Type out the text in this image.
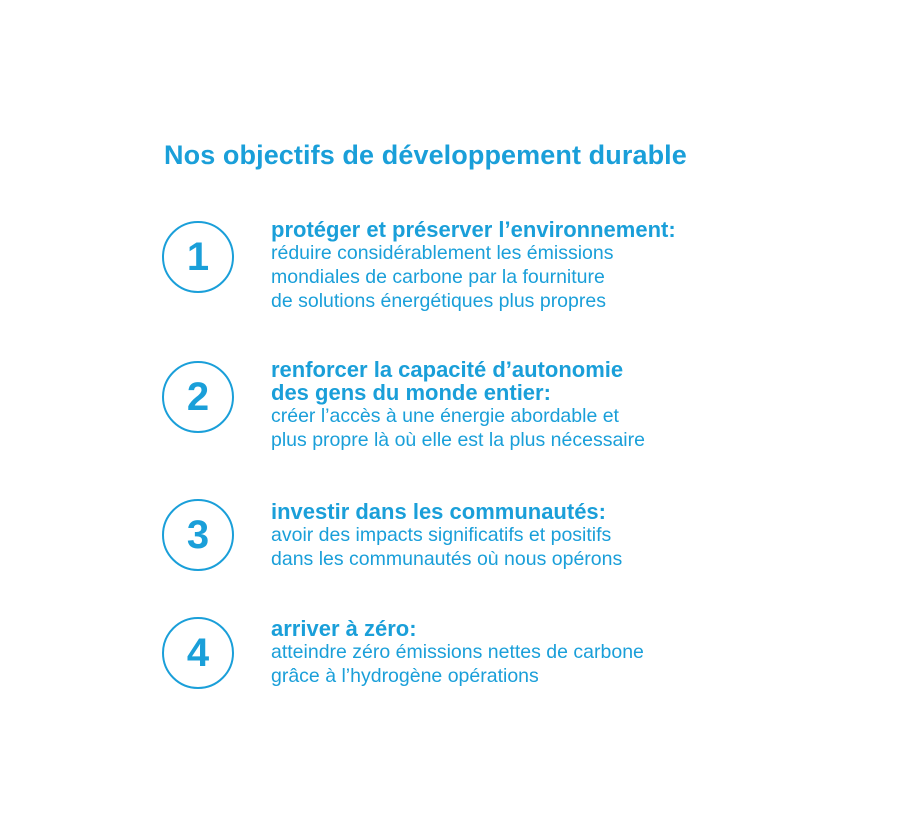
Nos objectifs de développement durable
1
protéger et préserver l’environnement:
réduire considérablement les émissions
mondiales de carbone par la fourniture
de solutions énergétiques plus propres
2
renforcer la capacité d’autonomie
des gens du monde entier:
créer l’accès à une énergie abordable et
plus propre là où elle est la plus nécessaire
3
investir dans les communautés:
avoir des impacts significatifs et positifs
dans les communautés où nous opérons
4
arriver à zéro:
atteindre zéro émissions nettes de carbone
grâce à l’hydrogène opérations
